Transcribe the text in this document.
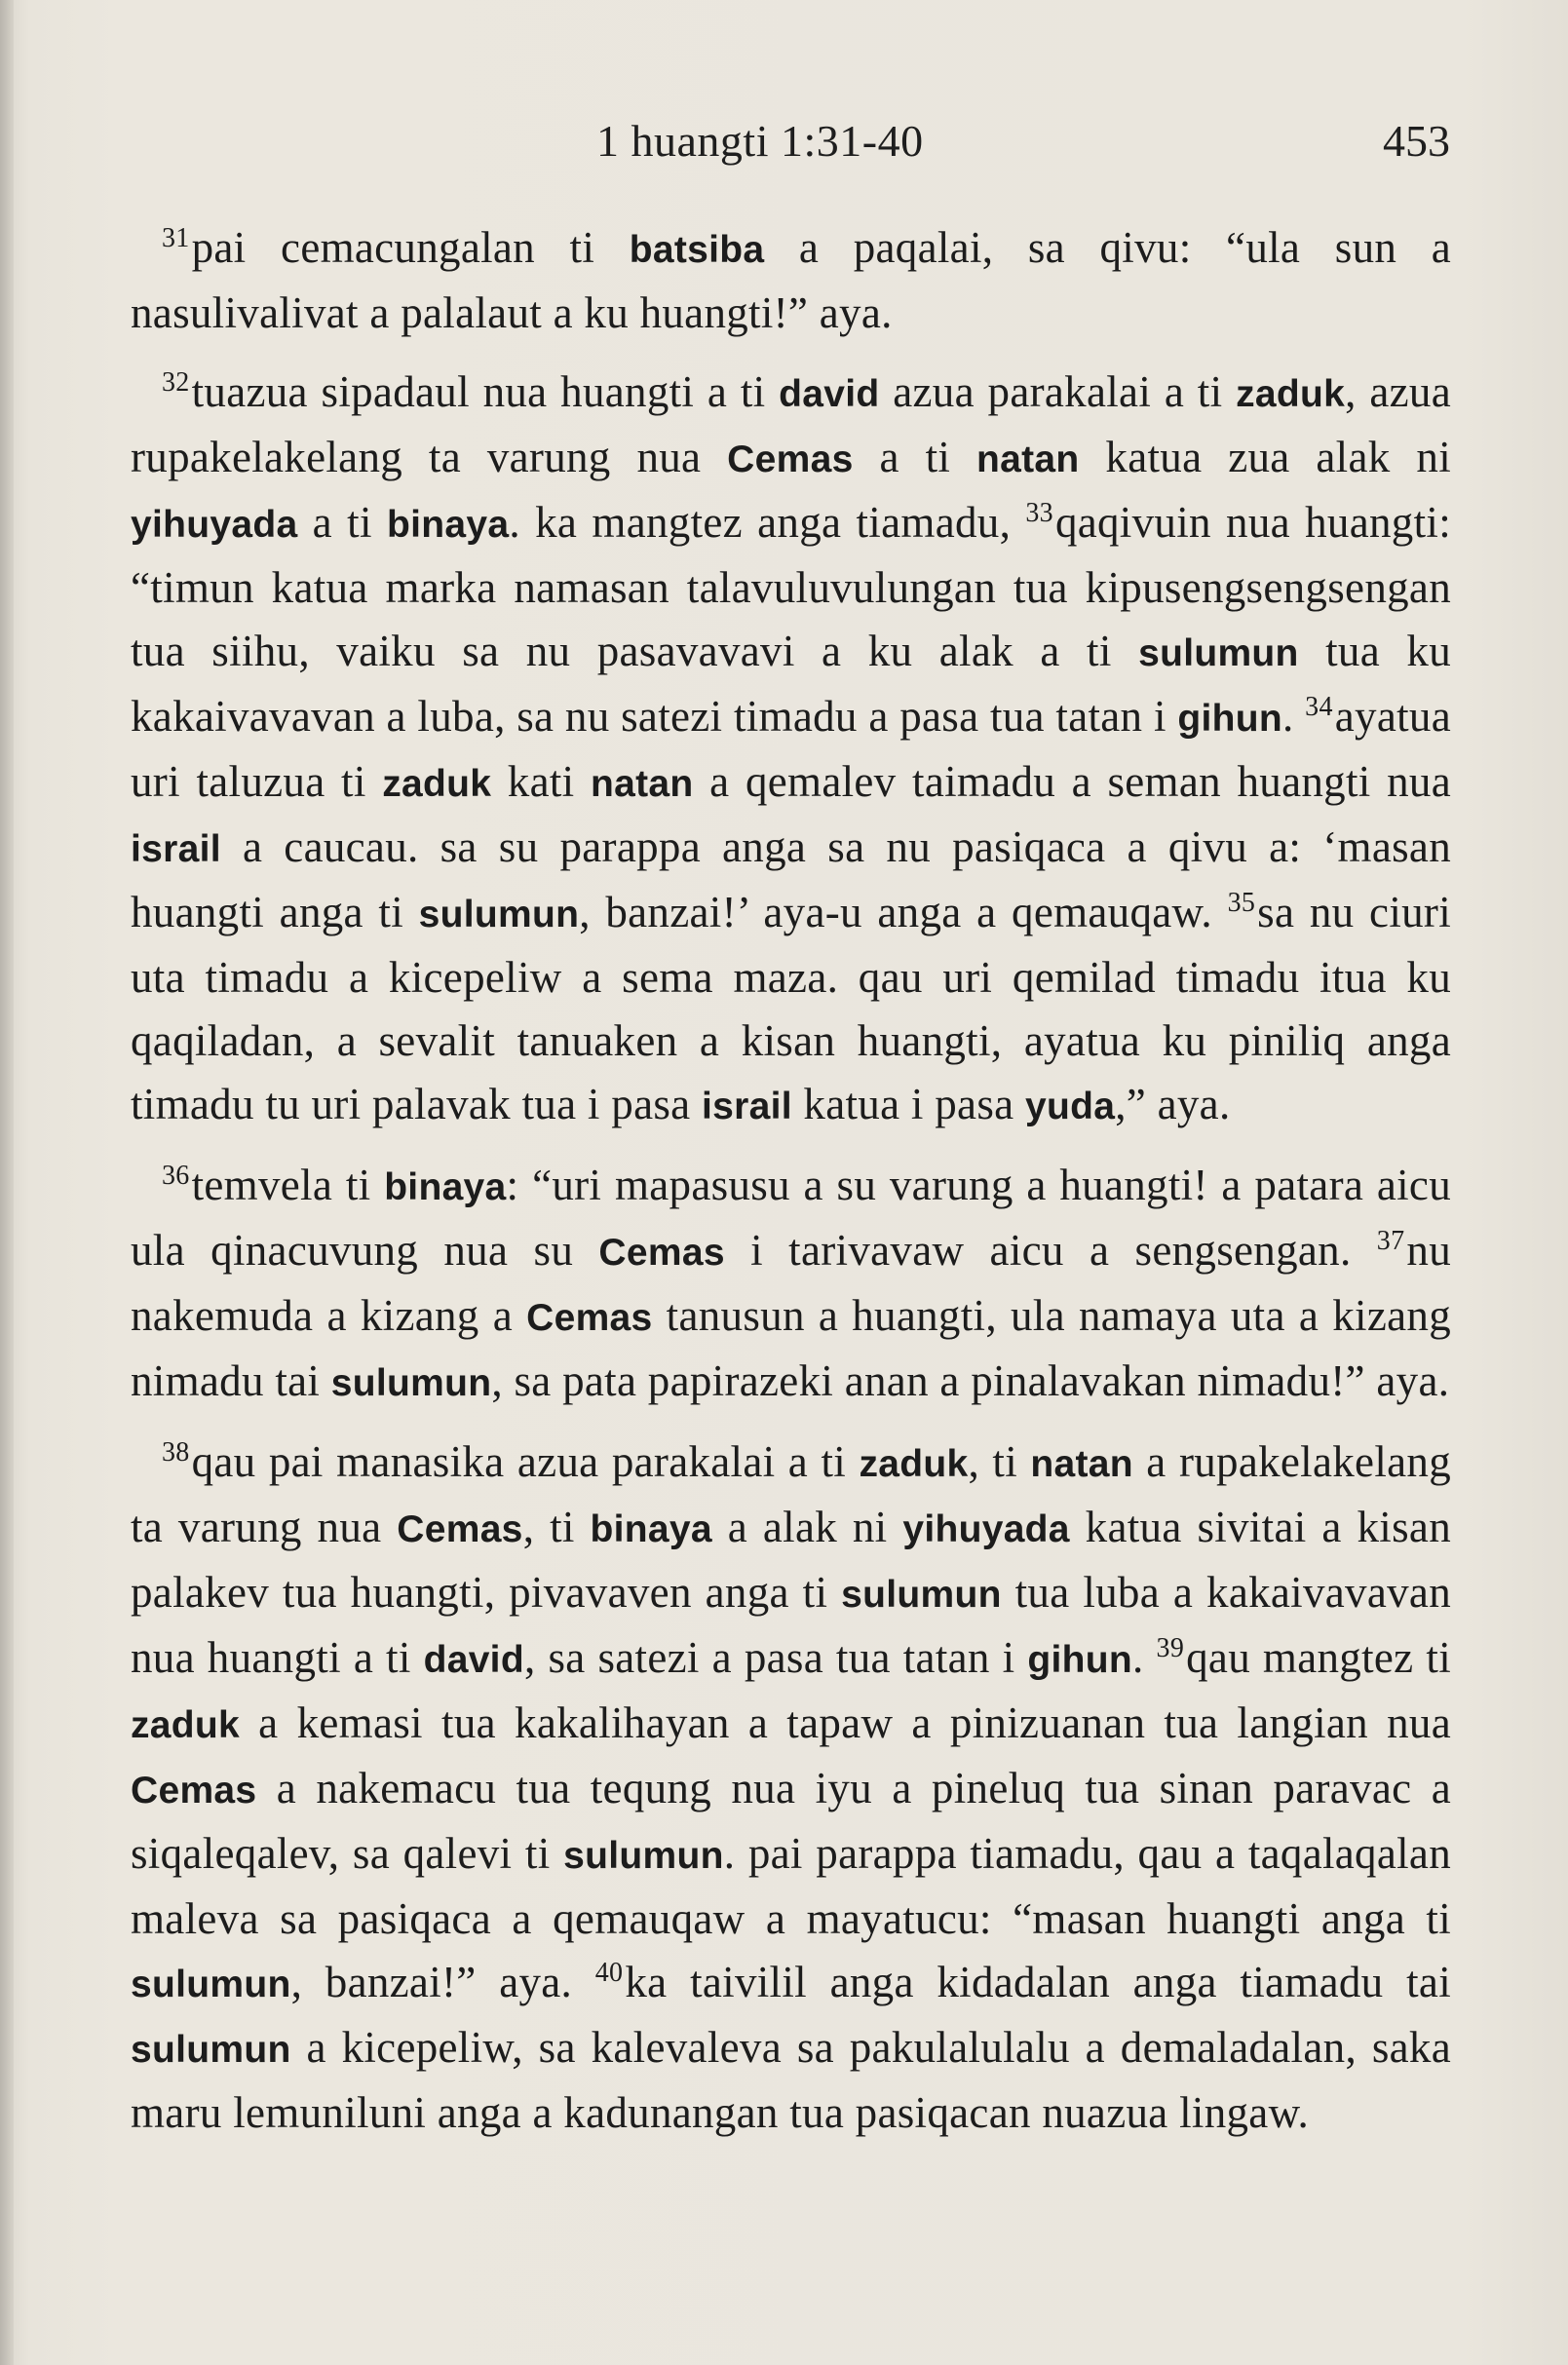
1 huangti 1:31-40	453

$^{31}$pai cemacungalan ti batsiba a paqalai, sa qivu: “ula sun a nasulivalivat a palalaut a ku huangti!” aya.

$^{32}$tuazua sipadaul nua huangti a ti david azua parakalai a ti zaduk, azua rupakelakelang ta varung nua Cemas a ti natan katua zua alak ni yihuyada a ti binaya. ka mangtez anga tiamadu, $^{33}$qaqivuin nua huangti: “timun katua marka namasan talavuluvulungan tua kipusengsengsengan tua siihu, vaiku sa nu pasavavavi a ku alak a ti sulumun tua ku kakaivavavan a luba, sa nu satezi timadu a pasa tua tatan i gihun. $^{34}$ayatua uri taluzua ti zaduk kati natan a qemalev taimadu a seman huangti nua israil a caucau. sa su parappa anga sa nu pasiqaca a qivu a: ‘masan huangti anga ti sulumun, banzai!’ aya-u anga a qemauqaw. $^{35}$sa nu ciuri uta timadu a kicepeliw a sema maza. qau uri qemilad timadu itua ku qaqiladan, a sevalit tanuaken a kisan huangti, ayatua ku piniliq anga timadu tu uri palavak tua i pasa israil katua i pasa yuda,” aya.

$^{36}$temvela ti binaya: “uri mapasusu a su varung a huangti! a patara aicu ula qinacuvung nua su Cemas i tarivavaw aicu a sengsengan. $^{37}$nu nakemuda a kizang a Cemas tanusun a huangti, ula namaya uta a kizang nimadu tai sulumun, sa pata papirazeki anan a pinalavakan nimadu!” aya.

$^{38}$qau pai manasika azua parakalai a ti zaduk, ti natan a rupakelakelang ta varung nua Cemas, ti binaya a alak ni yihuyada katua sivitai a kisan palakev tua huangti, pivavaven anga ti sulumun tua luba a kakaivavavan nua huangti a ti david, sa satezi a pasa tua tatan i gihun. $^{39}$qau mangtez ti zaduk a kemasi tua kakalihayan a tapaw a pinizuanan tua langian nua Cemas a nakemacu tua tequng nua iyu a pineluq tua sinan paravac a siqaleqalev, sa qalevi ti sulumun. pai parappa tiamadu, qau a taqalaqalan maleva sa pasiqaca a qemauqaw a mayatucu: “masan huangti anga ti sulumun, banzai!” aya. $^{40}$ka taivilil anga kidadalan anga tiamadu tai sulumun a kicepeliw, sa kalevaleva sa pakulalulalu a demaladalan, saka maru lemuniluni anga a kadunangan tua pasiqacan nuazua lingaw.
